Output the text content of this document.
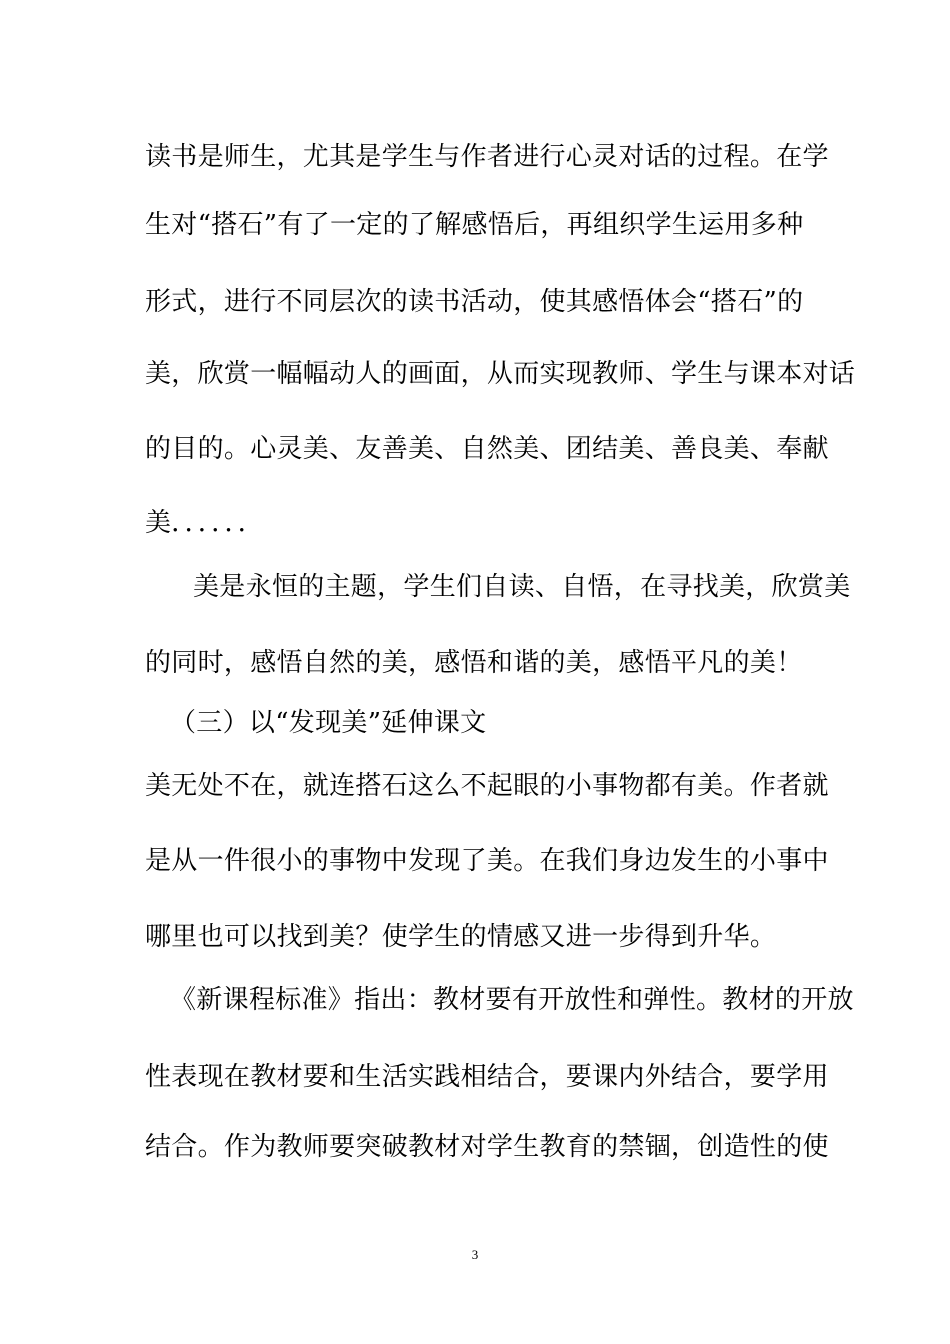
读书是师生，尤其是学生与作者进行心灵对话的过程。在学
生对“搭石”有了一定的了解感悟后，再组织学生运用多种
形式，进行不同层次的读书活动，使其感悟体会“搭石”的
美，欣赏一幅幅动人的画面，从而实现教师、学生与课本对话
的目的。心灵美、友善美、自然美、团结美、善良美、奉献
美．．．．．．
美是永恒的主题，学生们自读、自悟，在寻找美，欣赏美
的同时，感悟自然的美，感悟和谐的美，感悟平凡的美！
（三）以“发现美”延伸课文
美无处不在，就连搭石这么不起眼的小事物都有美。作者就
是从一件很小的事物中发现了美。在我们身边发生的小事中
哪里也可以找到美？使学生的情感又进一步得到升华。
《新课程标准》指出：教材要有开放性和弹性。教材的开放
性表现在教材要和生活实践相结合，要课内外结合，要学用
结合。作为教师要突破教材对学生教育的禁锢，创造性的使
3
